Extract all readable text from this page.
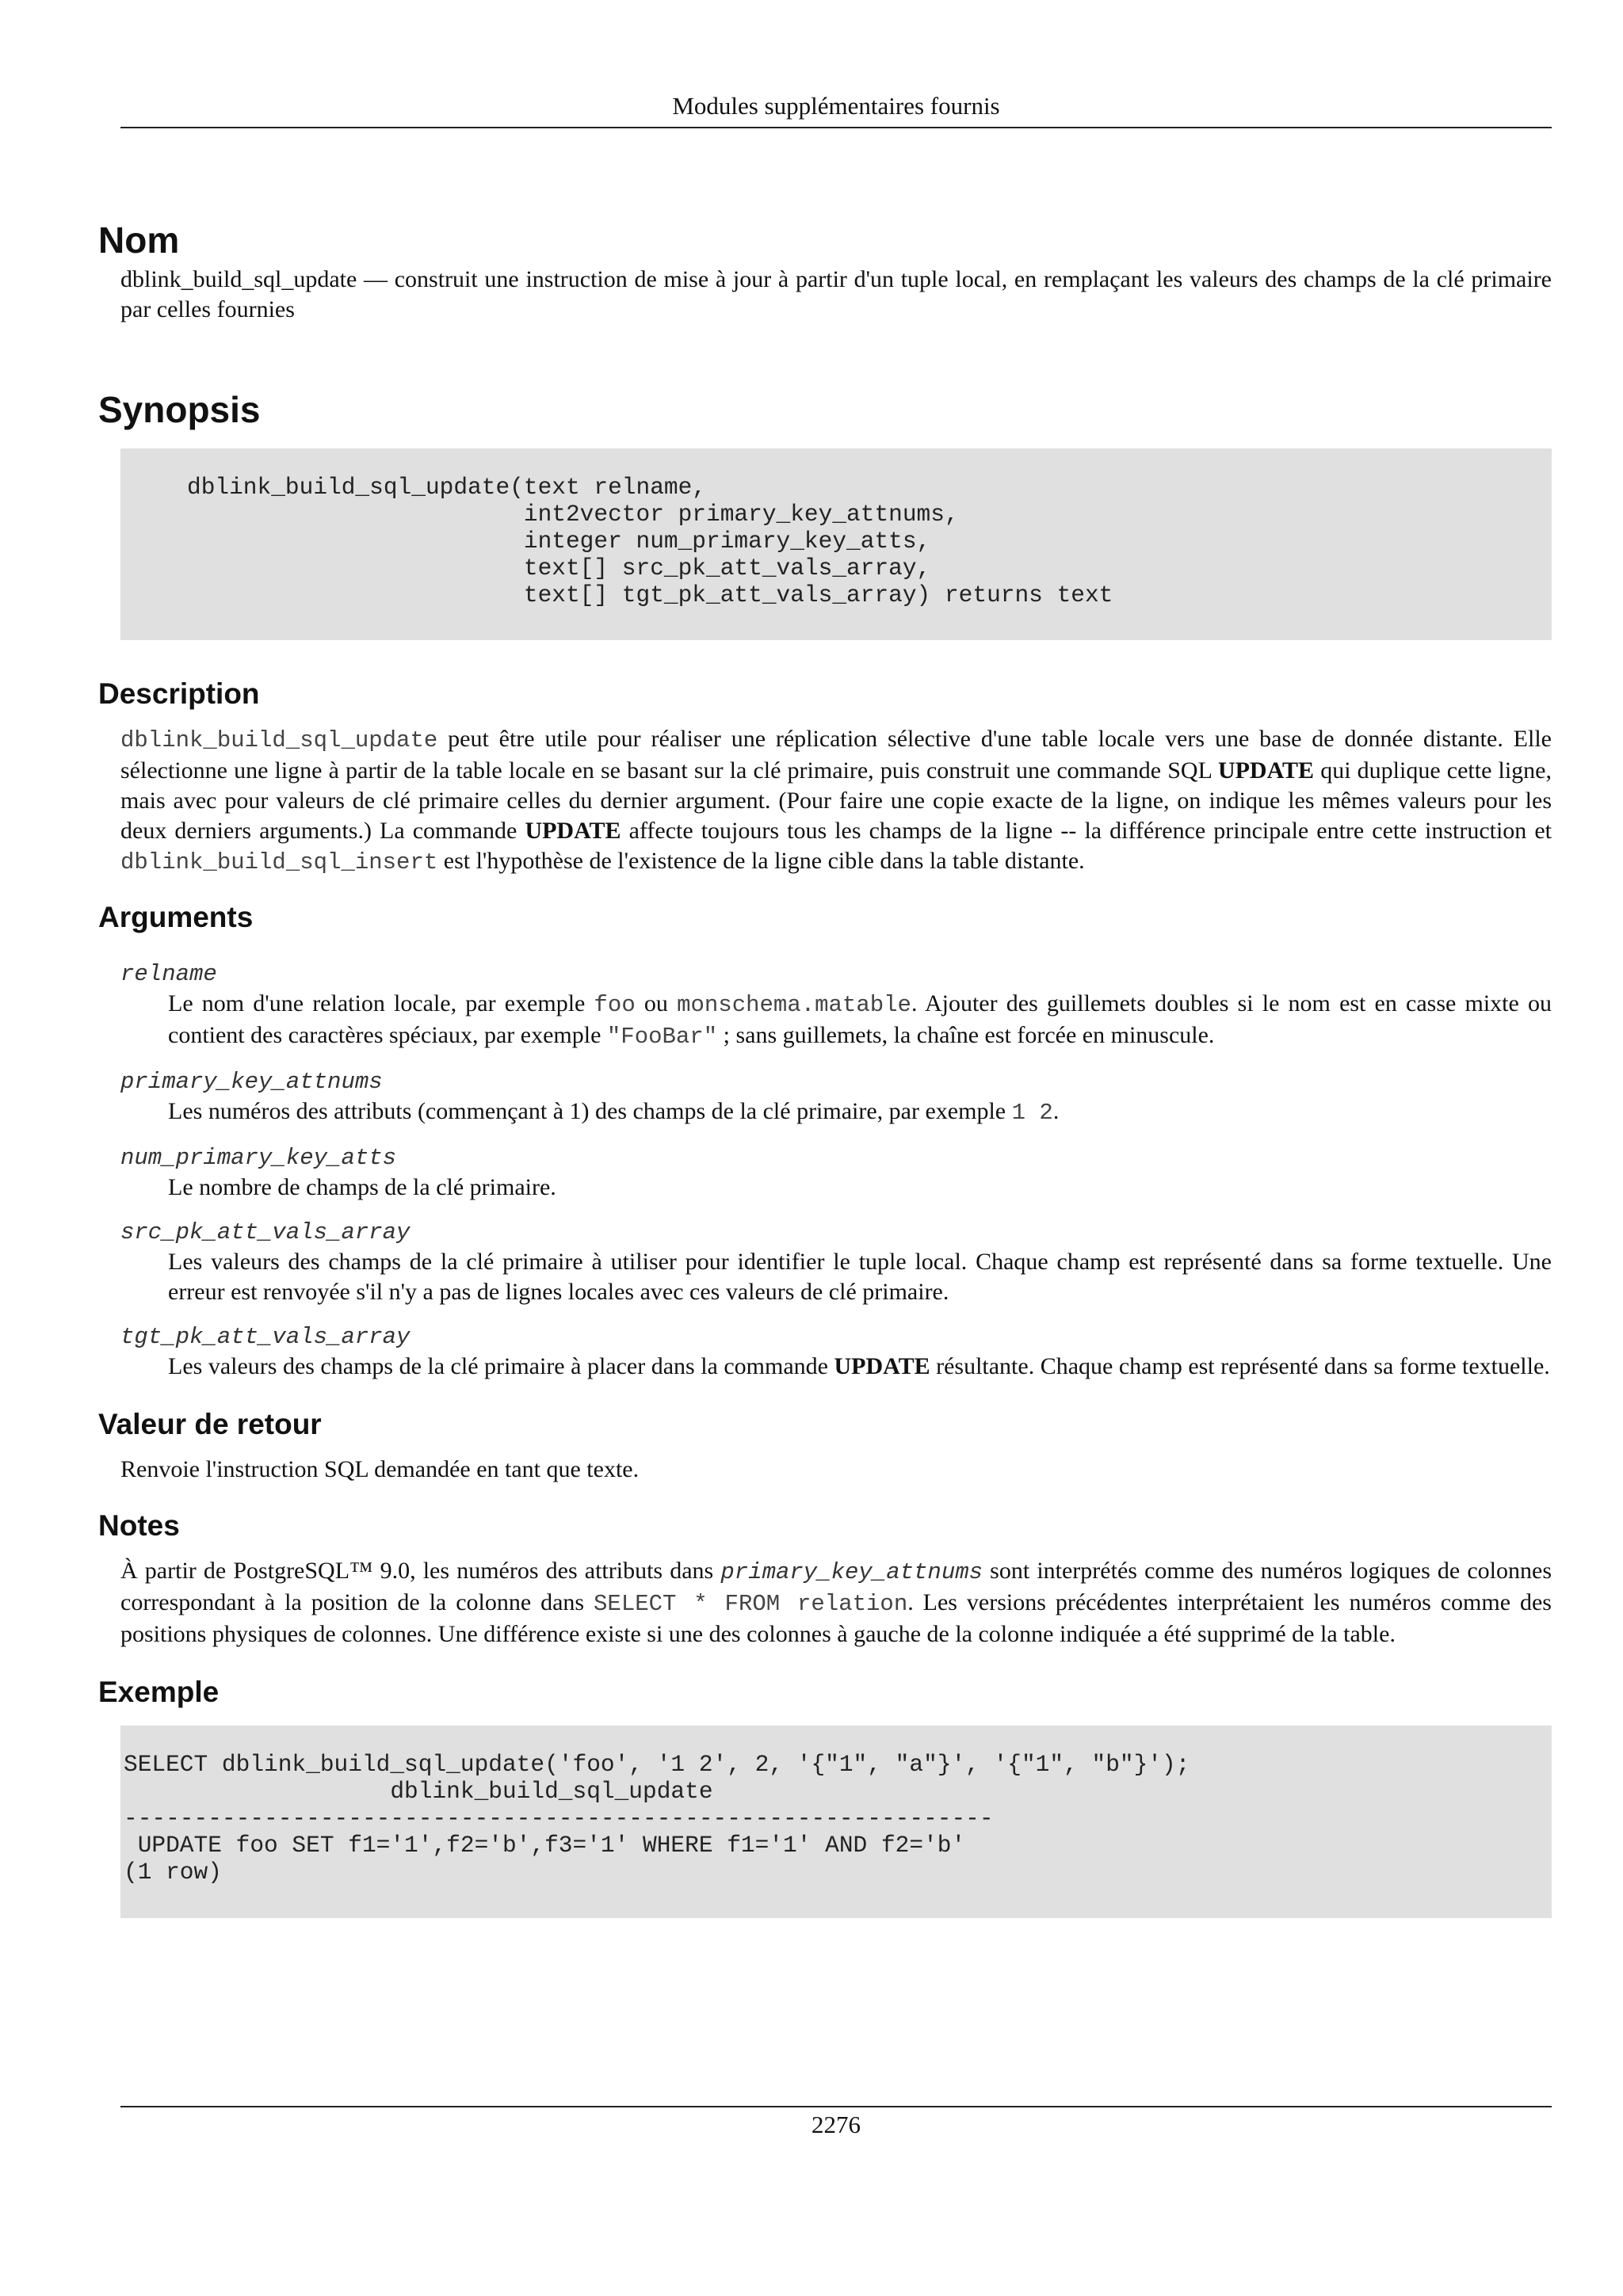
Modules supplémentaires fournis
Nom

dblink_build_sql_update — construit une instruction de mise à jour à partir d'un tuple local, en remplaçant les valeurs des champs de la clé primaire par celles fournies

Synopsis
dblink_build_sql_update(text relname,
int2vector primary_key_attnums,
integer num_primary_key_atts,
text[] src_pk_att_vals_array,
text[] tgt_pk_att_vals_array) returns text
Description

dblink_build_sql_update peut être utile pour réaliser une réplication sélective d'une table locale vers une base de donnée distante. Elle sélectionne une ligne à partir de la table locale en se basant sur la clé primaire, puis construit une commande SQL UPDATE qui duplique cette ligne, mais avec pour valeurs de clé primaire celles du dernier argument. (Pour faire une copie exacte de la ligne, on indique les mêmes valeurs pour les deux derniers arguments.) La commande UPDATE affecte toujours tous les champs de la ligne -- la différence principale entre cette instruction et dblink_build_sql_insert est l'hypothèse de l'existence de la ligne cible dans la table distante.

Arguments
relname
Le nom d'une relation locale, par exemple foo ou monschema.matable. Ajouter des guillemets doubles si le nom est en casse mixte ou contient des caractères spéciaux, par exemple "FooBar" ; sans guillemets, la chaîne est forcée en minuscule.
primary_key_attnums
Les numéros des attributs (commençant à 1) des champs de la clé primaire, par exemple 1 2.
num_primary_key_atts
Le nombre de champs de la clé primaire.
src_pk_att_vals_array
Les valeurs des champs de la clé primaire à utiliser pour identifier le tuple local. Chaque champ est représenté dans sa forme textuelle. Une erreur est renvoyée s'il n'y a pas de lignes locales avec ces valeurs de clé primaire.
tgt_pk_att_vals_array
Les valeurs des champs de la clé primaire à placer dans la commande UPDATE résultante. Chaque champ est représenté dans sa forme textuelle.
Valeur de retour

Renvoie l'instruction SQL demandée en tant que texte.

Notes

À partir de PostgreSQL™ 9.0, les numéros des attributs dans primary_key_attnums sont interprétés comme des numéros logiques de colonnes correspondant à la position de la colonne dans SELECT * FROM relation. Les versions précédentes interprétaient les numéros comme des positions physiques de colonnes. Une différence existe si une des colonnes à gauche de la colonne indiquée a été supprimé de la table.

Exemple
SELECT dblink_build_sql_update('foo', '1 2', 2, '{"1", "a"}', '{"1", "b"}');
dblink_build_sql_update
--------------------------------------------------------------
UPDATE foo SET f1='1',f2='b',f3='1' WHERE f1='1' AND f2='b'
(1 row)
2276
